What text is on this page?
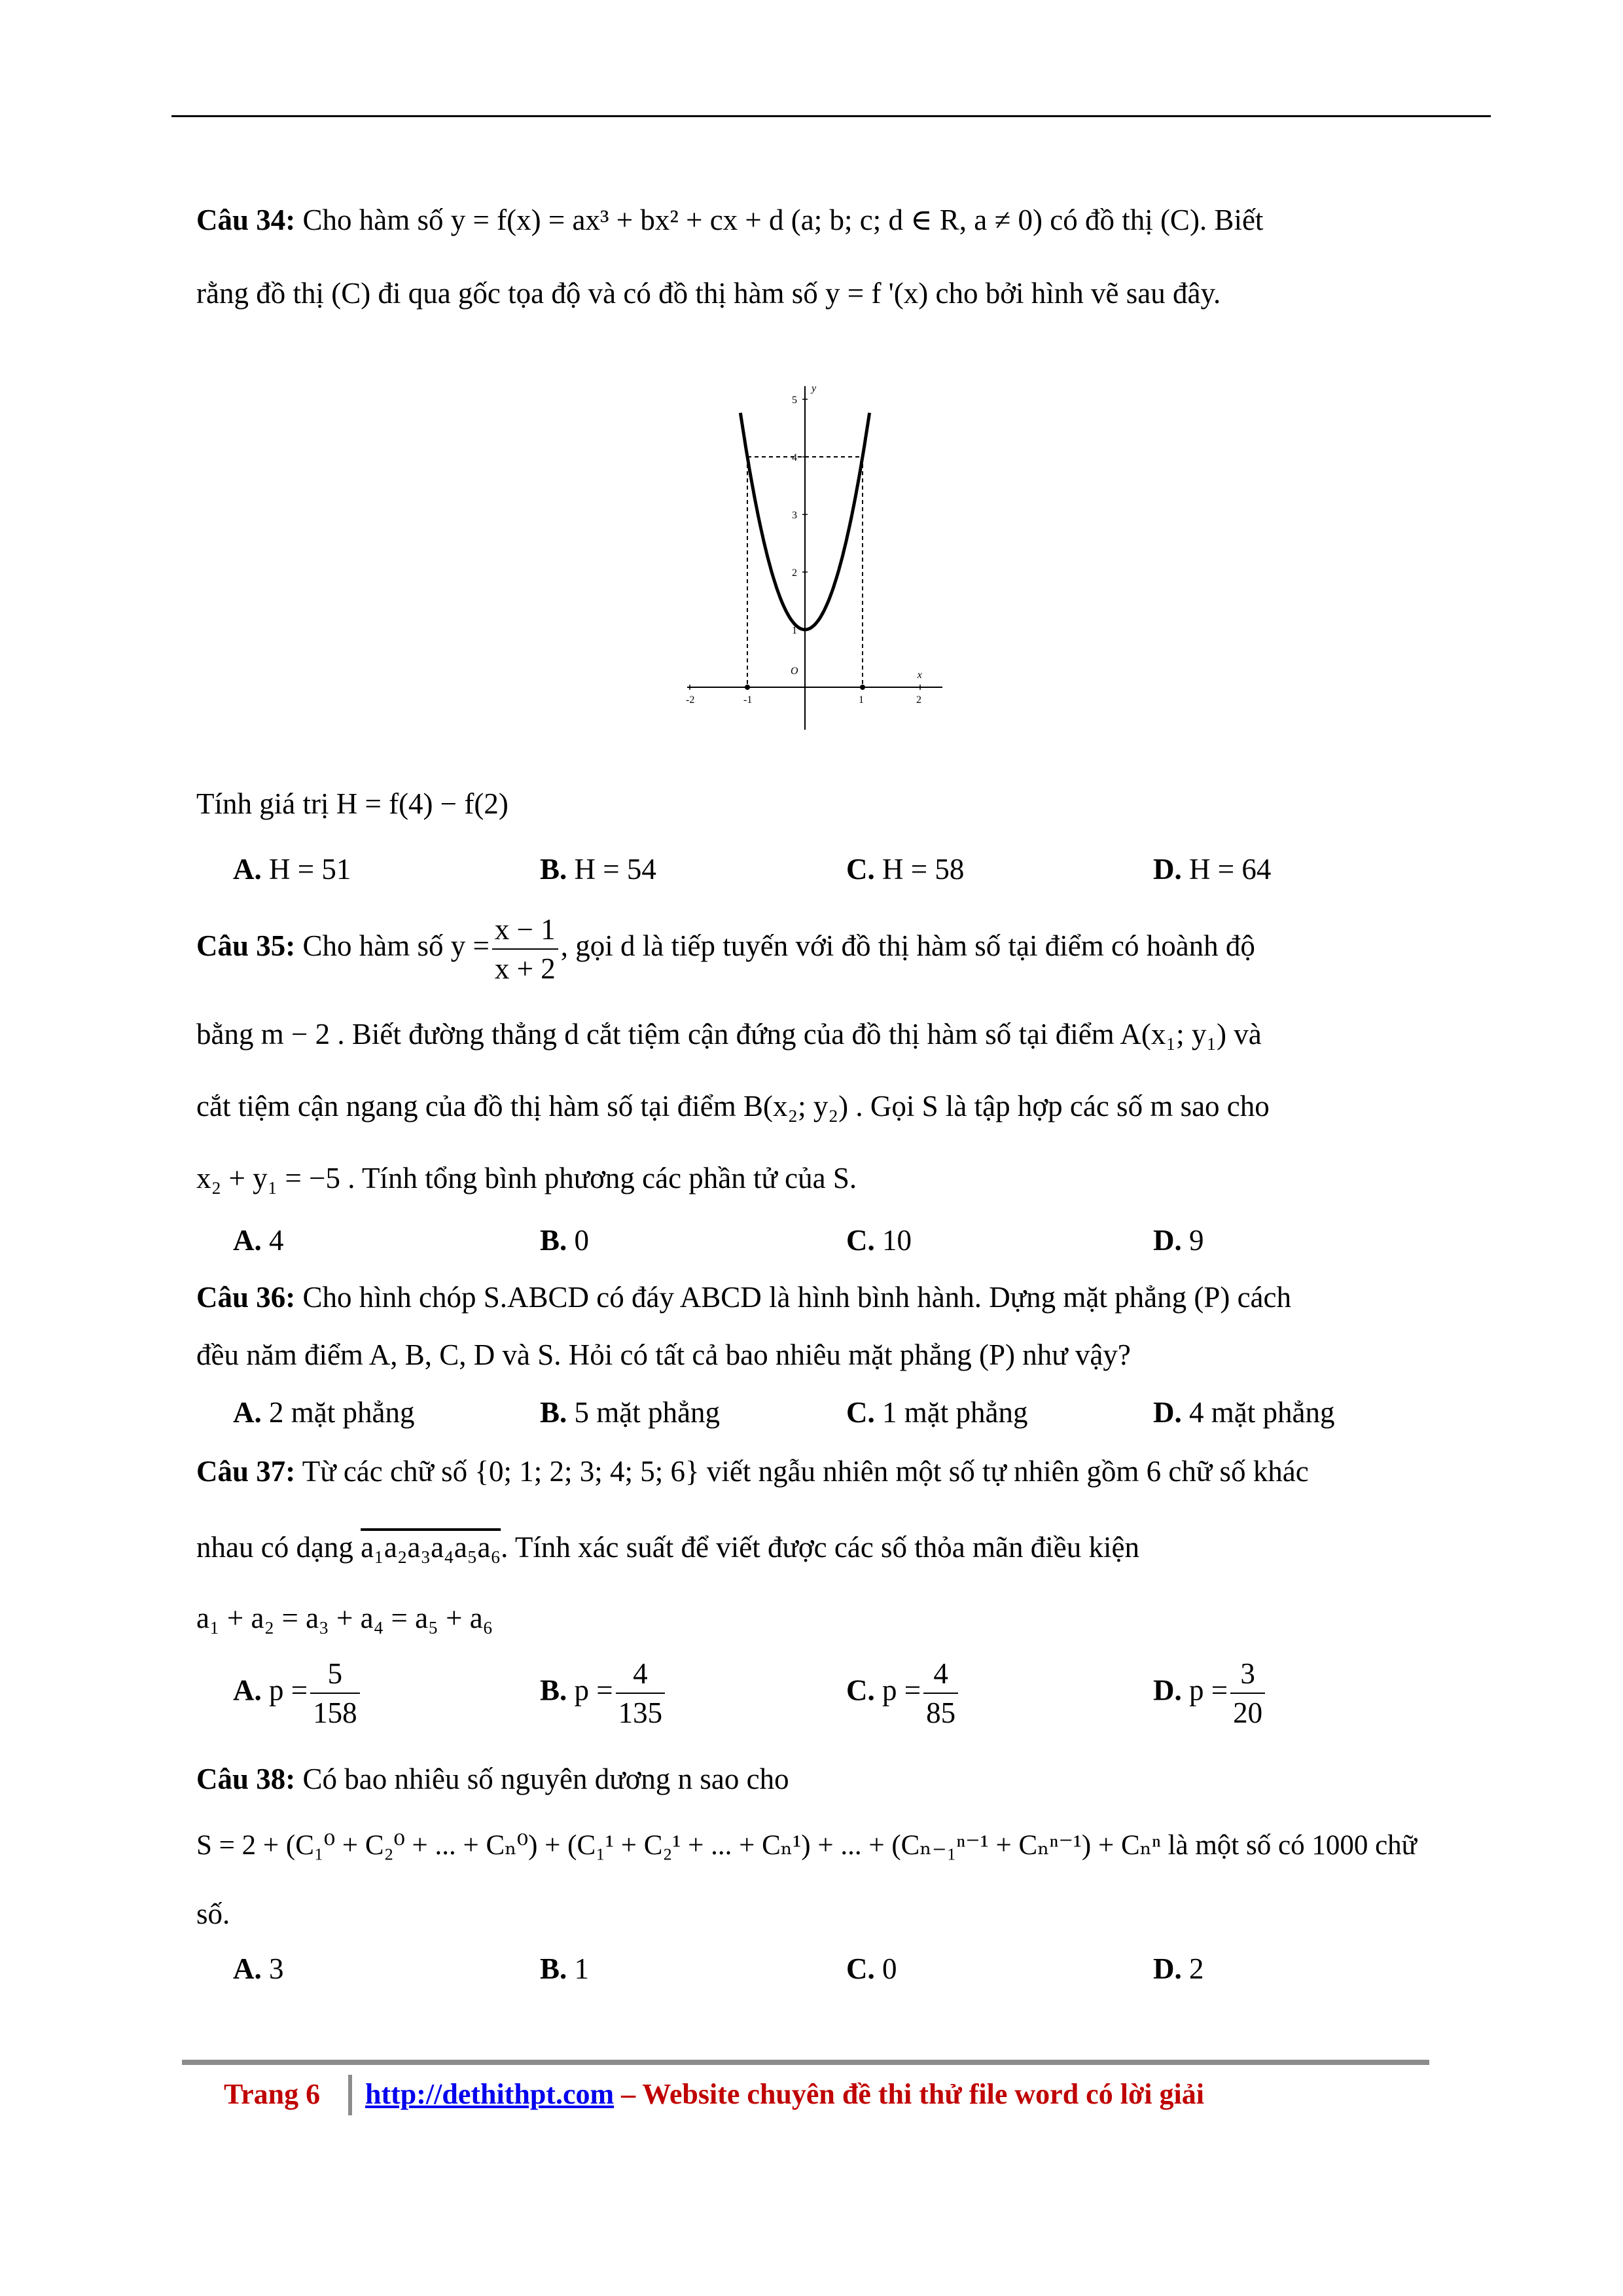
Câu 34: Cho hàm số y = f(x) = ax³ + bx² + cx + d (a; b; c; d ∈ R, a ≠ 0) có đồ thị (C). Biết
rằng đồ thị (C) đi qua gốc tọa độ và có đồ thị hàm số y = f '(x) cho bởi hình vẽ sau đây.
-2	-1	1	2
1
2
3
4
5
O	x
y
Tính giá trị H = f(4) − f(2)
A. H = 51	B. H = 54	C. H = 58	D. H = 64
Câu 35: Cho hàm số $y = \frac{x - 1}{x + 2}$ , gọi d là tiếp tuyến với đồ thị hàm số tại điểm có hoành độ
bằng m − 2 . Biết đường thẳng d cắt tiệm cận đứng của đồ thị hàm số tại điểm A(x₁; y₁) và
cắt tiệm cận ngang của đồ thị hàm số tại điểm B(x₂; y₂) . Gọi S là tập hợp các số m sao cho
x₂ + y₁ = −5 . Tính tổng bình phương các phần tử của S.
A. 4	B. 0	C. 10	D. 9
Câu 36: Cho hình chóp S.ABCD có đáy ABCD là hình bình hành. Dựng mặt phẳng (P) cách
đều năm điểm A, B, C, D và S. Hỏi có tất cả bao nhiêu mặt phẳng (P) như vậy?
A. 2 mặt phẳng	B. 5 mặt phẳng	C. 1 mặt phẳng	D. 4 mặt phẳng
Câu 37: Từ các chữ số {0; 1; 2; 3; 4; 5; 6} viết ngẫu nhiên một số tự nhiên gồm 6 chữ số khác
nhau có dạng a₁a₂a₃a₄a₅a₆. Tính xác suất để viết được các số thỏa mãn điều kiện
a₁ + a₂ = a₃ + a₄ = a₅ + a₆
A. $p = \frac{5}{158}$	B. $p = \frac{4}{135}$	C. $p = \frac{4}{85}$	D. $p = \frac{3}{20}$
Câu 38: Có bao nhiêu số nguyên dương n sao cho
S = 2 + (C₁⁰ + C₂⁰ + ... + Cₙ⁰) + (C₁¹ + C₂¹ + ... + Cₙ¹) + ... + (Cₙ₋₁ⁿ⁻¹ + Cₙⁿ⁻¹) + Cₙⁿ là một số có 1000 chữ
số.
A. 3	B. 1	C. 0	D. 2
Trang 6 http://dethithpt.com – Website chuyên đề thi thử file word có lời giải
